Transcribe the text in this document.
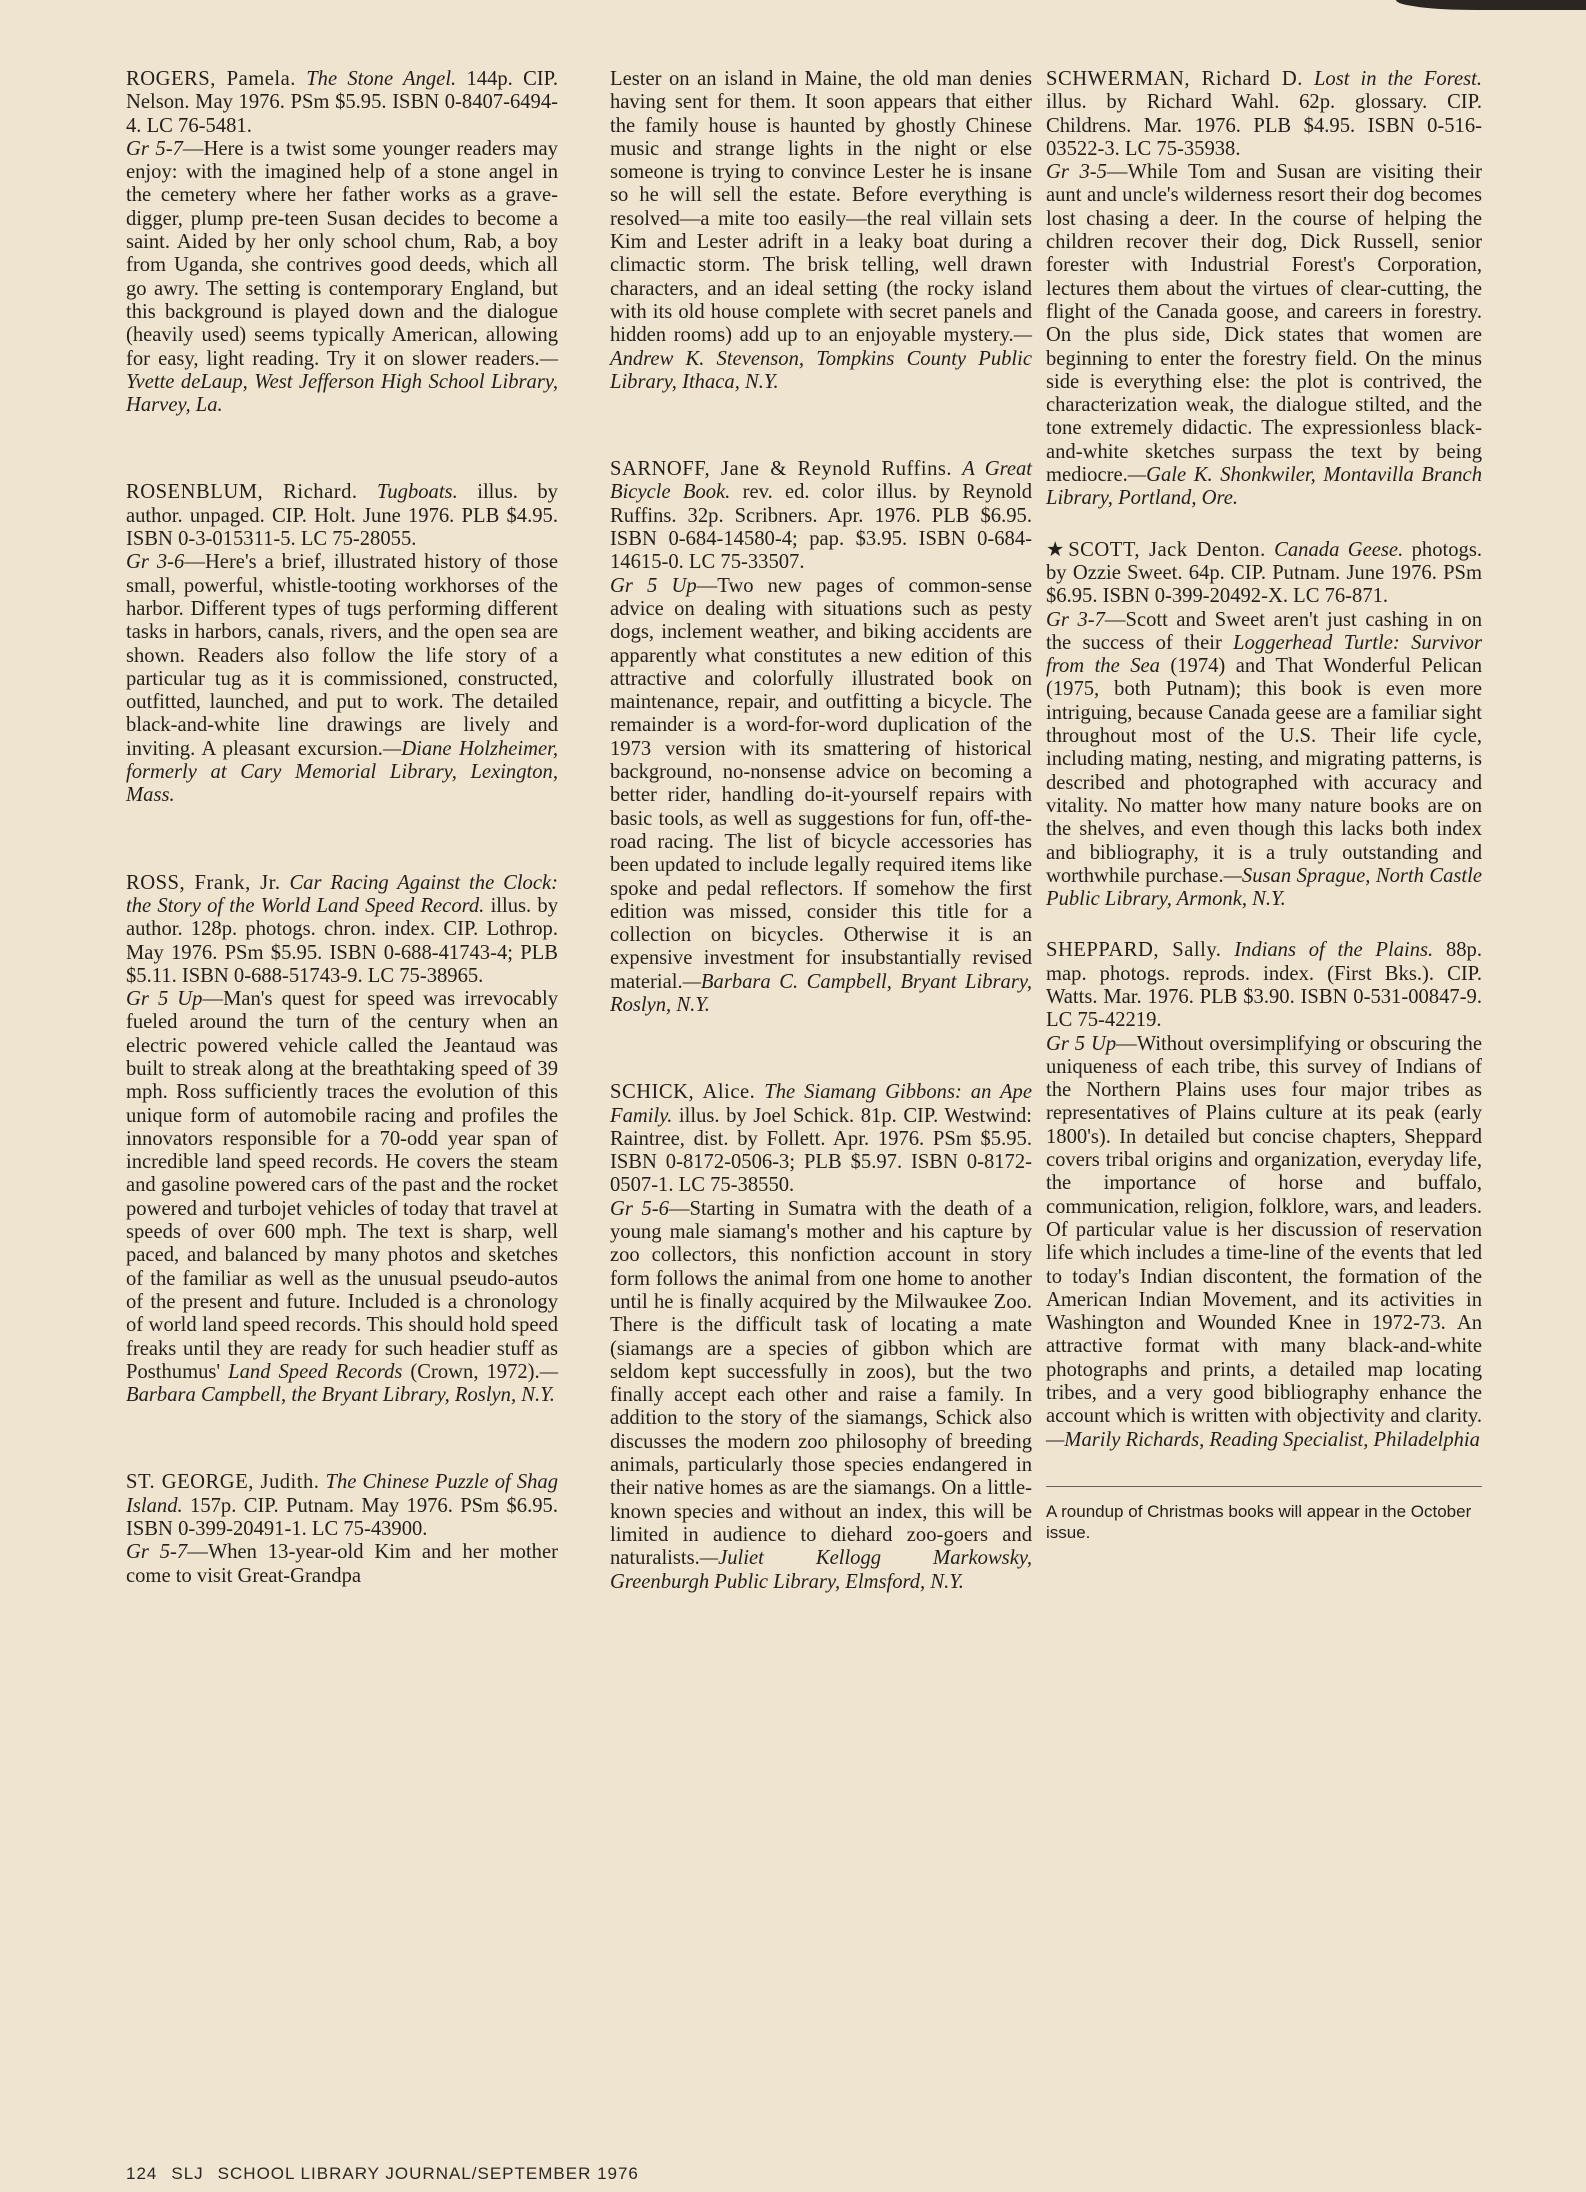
ROGERS, Pamela. The Stone Angel. 144p. CIP. Nelson. May 1976. PSm $5.95. ISBN 0-8407-6494-4. LC 76-5481.

Gr 5-7—Here is a twist some younger readers may enjoy: with the imagined help of a stone angel in the cemetery where her father works as a grave-digger, plump pre-teen Susan decides to become a saint. Aided by her only school chum, Rab, a boy from Uganda, she contrives good deeds, which all go awry. The setting is contemporary England, but this background is played down and the dialogue (heavily used) seems typically American, allowing for easy, light reading. Try it on slower readers.—Yvette deLaup, West Jefferson High School Library, Harvey, La.

ROSENBLUM, Richard. Tugboats. illus. by author. unpaged. CIP. Holt. June 1976. PLB $4.95. ISBN 0-3-015311-5. LC 75-28055.

Gr 3-6—Here's a brief, illustrated history of those small, powerful, whistle-tooting workhorses of the harbor. Different types of tugs performing different tasks in harbors, canals, rivers, and the open sea are shown. Readers also follow the life story of a particular tug as it is commissioned, constructed, outfitted, launched, and put to work. The detailed black-and-white line drawings are lively and inviting. A pleasant excursion.—Diane Holzheimer, formerly at Cary Memorial Library, Lexington, Mass.

ROSS, Frank, Jr. Car Racing Against the Clock: the Story of the World Land Speed Record. illus. by author. 128p. photogs. chron. index. CIP. Lothrop. May 1976. PSm $5.95. ISBN 0-688-41743-4; PLB $5.11. ISBN 0-688-51743-9. LC 75-38965.

Gr 5 Up—Man's quest for speed was irrevocably fueled around the turn of the century when an electric powered vehicle called the Jeantaud was built to streak along at the breathtaking speed of 39 mph. Ross sufficiently traces the evolution of this unique form of automobile racing and profiles the innovators responsible for a 70-odd year span of incredible land speed records. He covers the steam and gasoline powered cars of the past and the rocket powered and turbojet vehicles of today that travel at speeds of over 600 mph. The text is sharp, well paced, and balanced by many photos and sketches of the familiar as well as the unusual pseudo-autos of the present and future. Included is a chronology of world land speed records. This should hold speed freaks until they are ready for such headier stuff as Posthumus' Land Speed Records (Crown, 1972).—Barbara Campbell, the Bryant Library, Roslyn, N.Y.

ST. GEORGE, Judith. The Chinese Puzzle of Shag Island. 157p. CIP. Putnam. May 1976. PSm $6.95. ISBN 0-399-20491-1. LC 75-43900.

Gr 5-7—When 13-year-old Kim and her mother come to visit Great-Grandpa

Lester on an island in Maine, the old man denies having sent for them. It soon appears that either the family house is haunted by ghostly Chinese music and strange lights in the night or else someone is trying to convince Lester he is insane so he will sell the estate. Before everything is resolved—a mite too easily—the real villain sets Kim and Lester adrift in a leaky boat during a climactic storm. The brisk telling, well drawn characters, and an ideal setting (the rocky island with its old house complete with secret panels and hidden rooms) add up to an enjoyable mystery.—Andrew K. Stevenson, Tompkins County Public Library, Ithaca, N.Y.

SARNOFF, Jane & Reynold Ruffins. A Great Bicycle Book. rev. ed. color illus. by Reynold Ruffins. 32p. Scribners. Apr. 1976. PLB $6.95. ISBN 0-684-14580-4; pap. $3.95. ISBN 0-684-14615-0. LC 75-33507.

Gr 5 Up—Two new pages of common-sense advice on dealing with situations such as pesty dogs, inclement weather, and biking accidents are apparently what constitutes a new edition of this attractive and colorfully illustrated book on maintenance, repair, and outfitting a bicycle. The remainder is a word-for-word duplication of the 1973 version with its smattering of historical background, no-nonsense advice on becoming a better rider, handling do-it-yourself repairs with basic tools, as well as suggestions for fun, off-the-road racing. The list of bicycle accessories has been updated to include legally required items like spoke and pedal reflectors. If somehow the first edition was missed, consider this title for a collection on bicycles. Otherwise it is an expensive investment for insubstantially revised material.—Barbara C. Campbell, Bryant Library, Roslyn, N.Y.

SCHICK, Alice. The Siamang Gibbons: an Ape Family. illus. by Joel Schick. 81p. CIP. Westwind: Raintree, dist. by Follett. Apr. 1976. PSm $5.95. ISBN 0-8172-0506-3; PLB $5.97. ISBN 0-8172-0507-1. LC 75-38550.

Gr 5-6—Starting in Sumatra with the death of a young male siamang's mother and his capture by zoo collectors, this nonfiction account in story form follows the animal from one home to another until he is finally acquired by the Milwaukee Zoo. There is the difficult task of locating a mate (siamangs are a species of gibbon which are seldom kept successfully in zoos), but the two finally accept each other and raise a family. In addition to the story of the siamangs, Schick also discusses the modern zoo philosophy of breeding animals, particularly those species endangered in their native homes as are the siamangs. On a little-known species and without an index, this will be limited in audience to diehard zoo-goers and naturalists.—Juliet Kellogg Markowsky, Greenburgh Public Library, Elmsford, N.Y.

SCHWERMAN, Richard D. Lost in the Forest. illus. by Richard Wahl. 62p. glossary. CIP. Childrens. Mar. 1976. PLB $4.95. ISBN 0-516-03522-3. LC 75-35938.

Gr 3-5—While Tom and Susan are visiting their aunt and uncle's wilderness resort their dog becomes lost chasing a deer. In the course of helping the children recover their dog, Dick Russell, senior forester with Industrial Forest's Corporation, lectures them about the virtues of clear-cutting, the flight of the Canada goose, and careers in forestry. On the plus side, Dick states that women are beginning to enter the forestry field. On the minus side is everything else: the plot is contrived, the characterization weak, the dialogue stilted, and the tone extremely didactic. The expressionless black-and-white sketches surpass the text by being mediocre.—Gale K. Shonkwiler, Montavilla Branch Library, Portland, Ore.

★SCOTT, Jack Denton. Canada Geese. photogs. by Ozzie Sweet. 64p. CIP. Putnam. June 1976. PSm $6.95. ISBN 0-399-20492-X. LC 76-871.

Gr 3-7—Scott and Sweet aren't just cashing in on the success of their Loggerhead Turtle: Survivor from the Sea (1974) and That Wonderful Pelican (1975, both Putnam); this book is even more intriguing, because Canada geese are a familiar sight throughout most of the U.S. Their life cycle, including mating, nesting, and migrating patterns, is described and photographed with accuracy and vitality. No matter how many nature books are on the shelves, and even though this lacks both index and bibliography, it is a truly outstanding and worthwhile purchase.—Susan Sprague, North Castle Public Library, Armonk, N.Y.

SHEPPARD, Sally. Indians of the Plains. 88p. map. photogs. reprods. index. (First Bks.). CIP. Watts. Mar. 1976. PLB $3.90. ISBN 0-531-00847-9. LC 75-42219.

Gr 5 Up—Without oversimplifying or obscuring the uniqueness of each tribe, this survey of Indians of the Northern Plains uses four major tribes as representatives of Plains culture at its peak (early 1800's). In detailed but concise chapters, Sheppard covers tribal origins and organization, everyday life, the importance of horse and buffalo, communication, religion, folklore, wars, and leaders. Of particular value is her discussion of reservation life which includes a time-line of the events that led to today's Indian discontent, the formation of the American Indian Movement, and its activities in Washington and Wounded Knee in 1972-73. An attractive format with many black-and-white photographs and prints, a detailed map locating tribes, and a very good bibliography enhance the account which is written with objectivity and clarity.—Marily Richards, Reading Specialist, Philadelphia

A roundup of Christmas books will appear in the October issue.
124 SLJ SCHOOL LIBRARY JOURNAL/SEPTEMBER 1976
